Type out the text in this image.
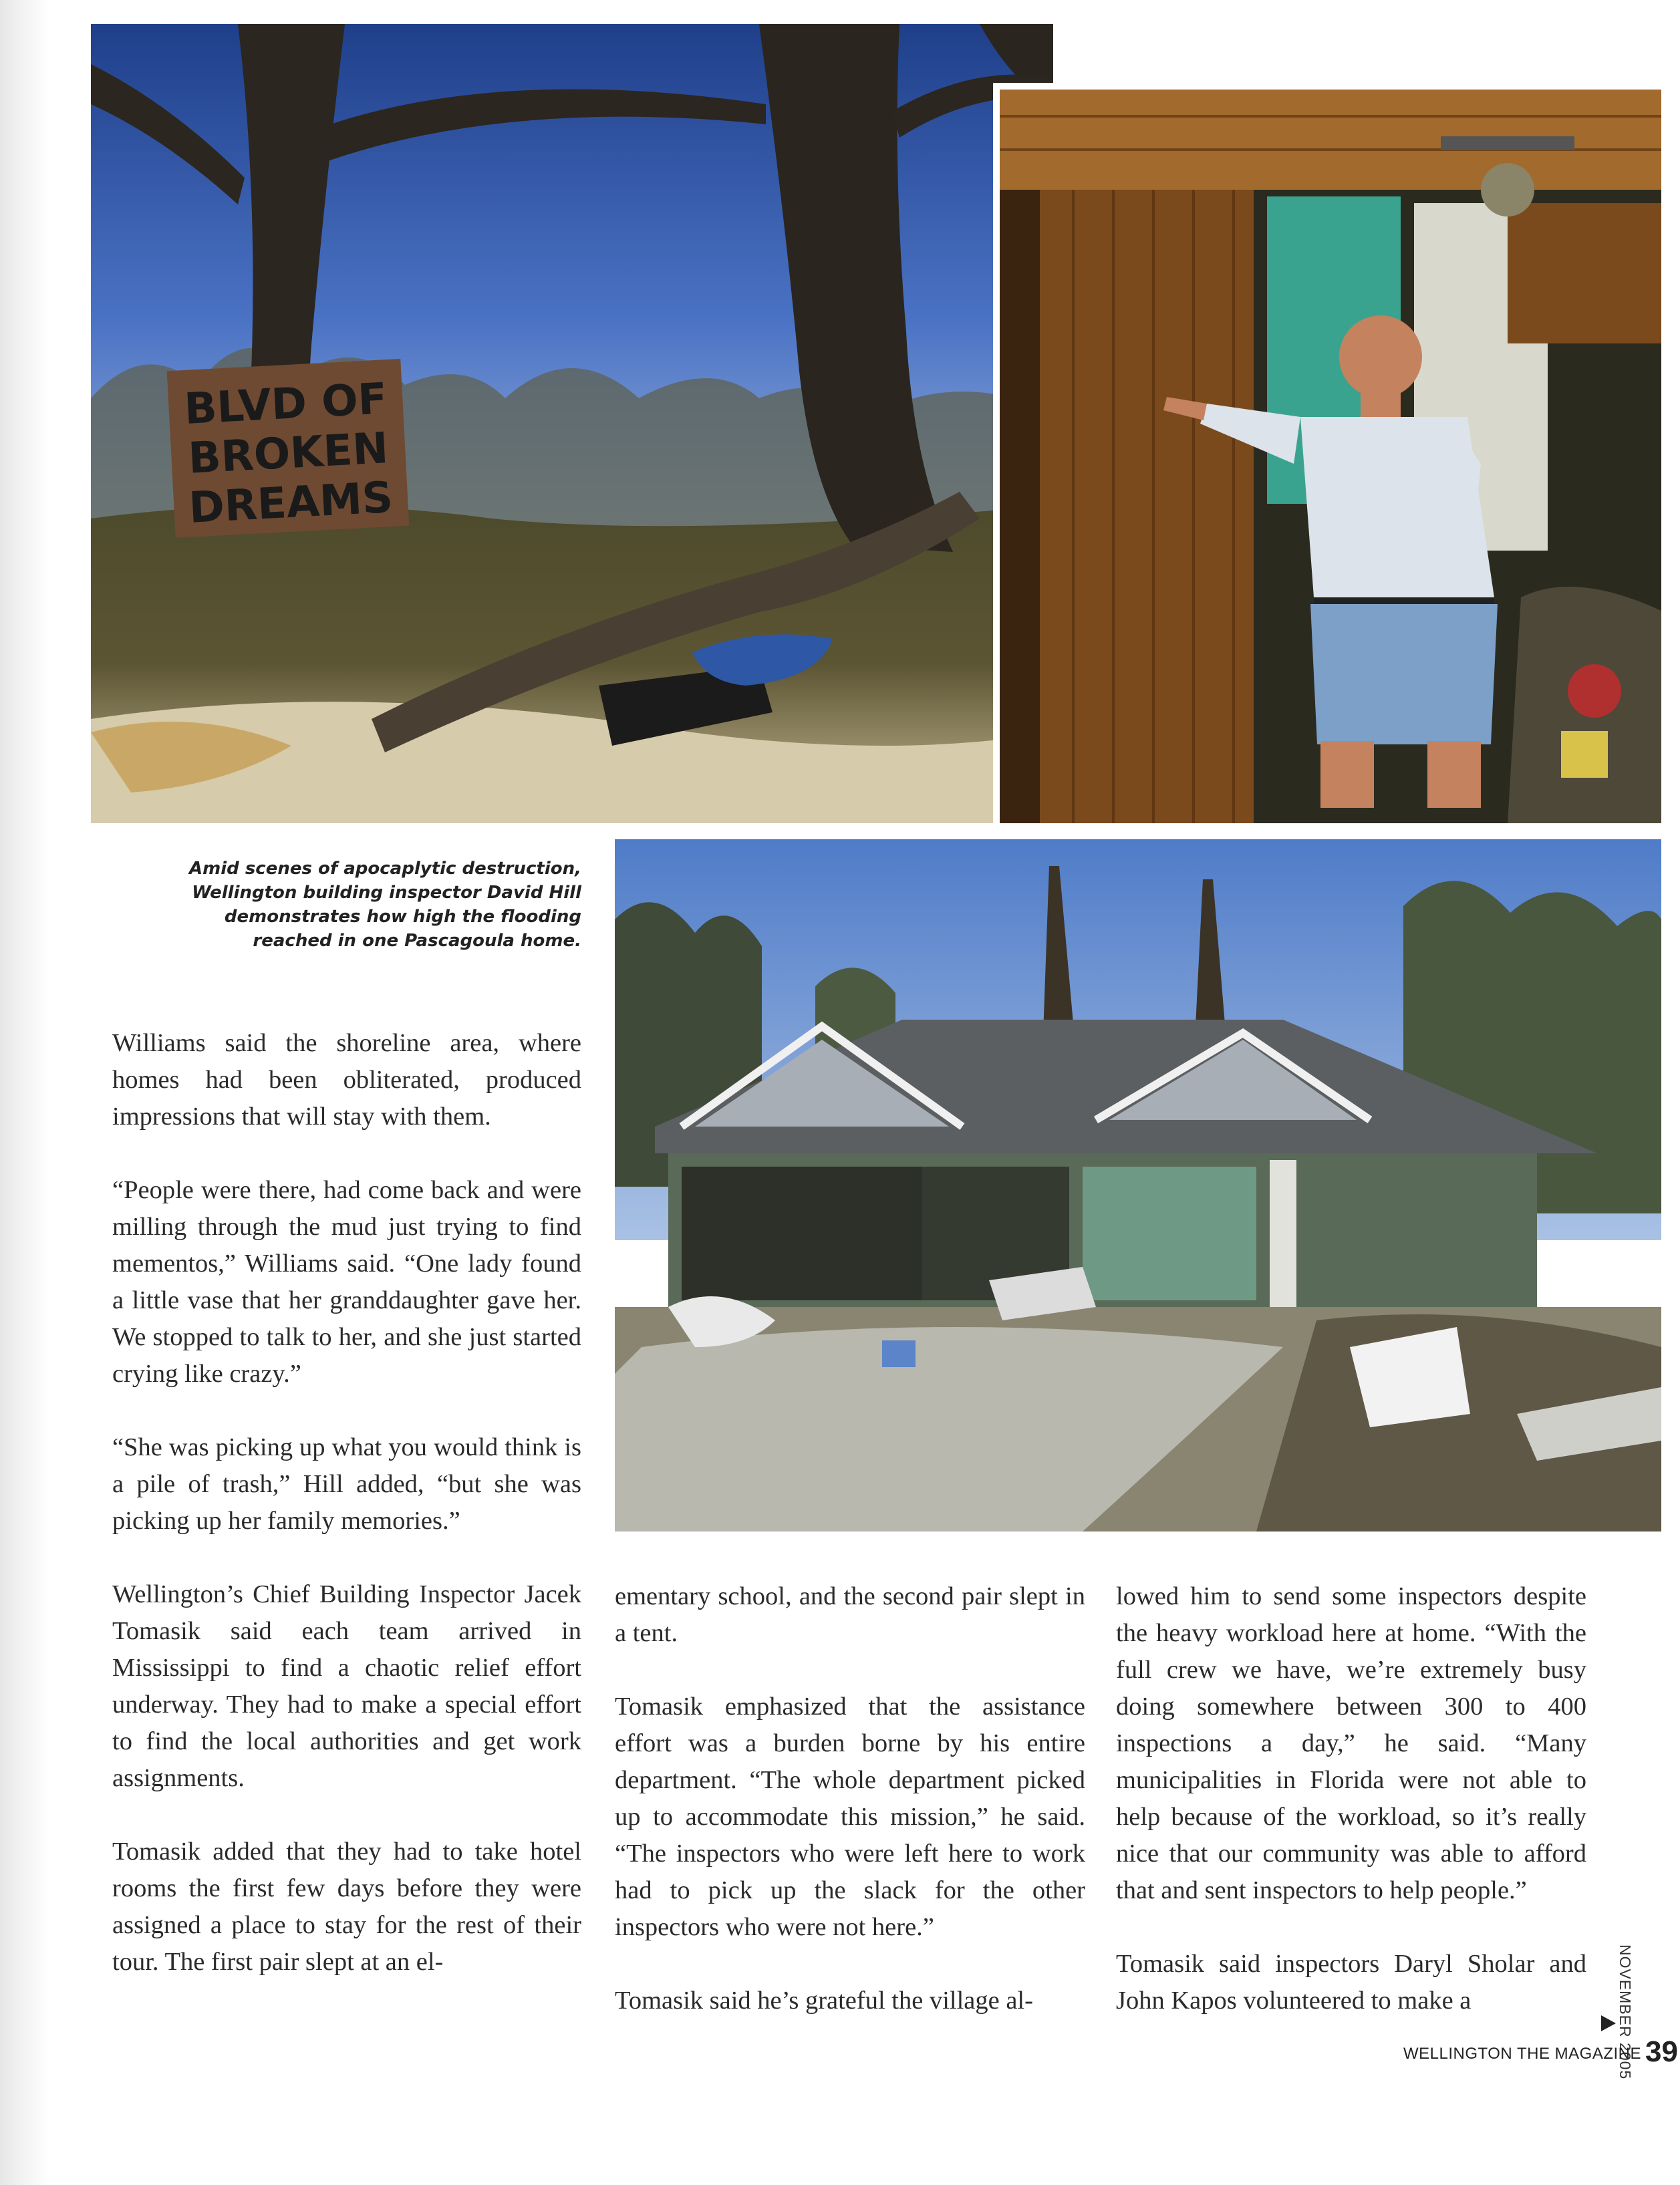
BLVD OF
BROKEN
DREAMS
Amid scenes of apocaplytic destruction,
Wellington building inspector David Hill
demonstrates how high the flooding
reached in one Pascagoula home.

Williams said the shoreline area, where homes had been obliterated, produced impressions that will stay with them.

“People were there, had come back and were milling through the mud just trying to find mementos,” Williams said. “One lady found a little vase that her granddaughter gave her. We stopped to talk to her, and she just started crying like crazy.”

“She was picking up what you would think is a pile of trash,” Hill added, “but she was picking up her family memories.”

Wellington’s Chief Building Inspector Jacek Tomasik said each team arrived in Mississippi to find a chaotic relief effort underway. They had to make a special effort to find the local authorities and get work assignments.

Tomasik added that they had to take hotel rooms the first few days before they were assigned a place to stay for the rest of their tour. The first pair slept at an el-

ementary school, and the second pair slept in a tent.

Tomasik emphasized that the assistance effort was a burden borne by his entire department. “The whole department picked up to accommodate this mission,” he said. “The inspectors who were left here to work had to pick up the slack for the other inspectors who were not here.”

Tomasik said he’s grateful the village al-

lowed him to send some inspectors despite the heavy workload here at home. “With the full crew we have, we’re extremely busy doing somewhere between 300 to 400 inspections a day,” he said. “Many municipalities in Florida were not able to help because of the workload, so it’s really nice that our community was able to afford that and sent inspectors to help people.”

Tomasik said inspectors Daryl Sholar and John Kapos volunteered to make a	NOVEMBER 2005
WELLINGTON THE MAGAZINE 39
